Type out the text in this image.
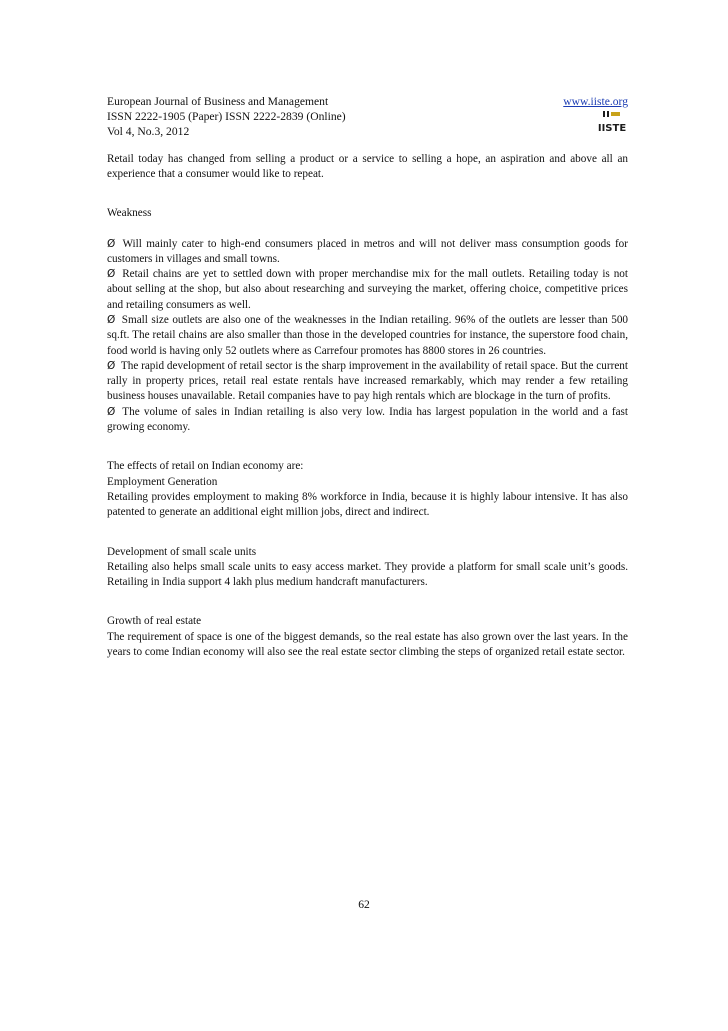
European Journal of Business and Management
ISSN 2222-1905 (Paper) ISSN 2222-2839 (Online)
Vol 4, No.3, 2012
www.iiste.org
IISTE

Retail today has changed from selling a product or a service to selling a hope, an aspiration and above all an experience that a consumer would like to repeat.

Weakness

Ø Will mainly cater to high-end consumers placed in metros and will not deliver mass consumption goods for customers in villages and small towns.

Ø Retail chains are yet to settled down with proper merchandise mix for the mall outlets. Retailing today is not about selling at the shop, but also about researching and surveying the market, offering choice, competitive prices and retailing consumers as well.

Ø Small size outlets are also one of the weaknesses in the Indian retailing. 96% of the outlets are lesser than 500 sq.ft. The retail chains are also smaller than those in the developed countries for instance, the superstore food chain, food world is having only 52 outlets where as Carrefour promotes has 8800 stores in 26 countries.

Ø The rapid development of retail sector is the sharp improvement in the availability of retail space. But the current rally in property prices, retail real estate rentals have increased remarkably, which may render a few retailing business houses unavailable. Retail companies have to pay high rentals which are blockage in the turn of profits.

Ø The volume of sales in Indian retailing is also very low. India has largest population in the world and a fast growing economy.

The effects of retail on Indian economy are:

Employment Generation

Retailing provides employment to making 8% workforce in India, because it is highly labour intensive. It has also patented to generate an additional eight million jobs, direct and indirect.

Development of small scale units

Retailing also helps small scale units to easy access market. They provide a platform for small scale unit’s goods. Retailing in India support 4 lakh plus medium handcraft manufacturers.

Growth of real estate

The requirement of space is one of the biggest demands, so the real estate has also grown over the last years. In the years to come Indian economy will also see the real estate sector climbing the steps of organized retail estate sector.

62
